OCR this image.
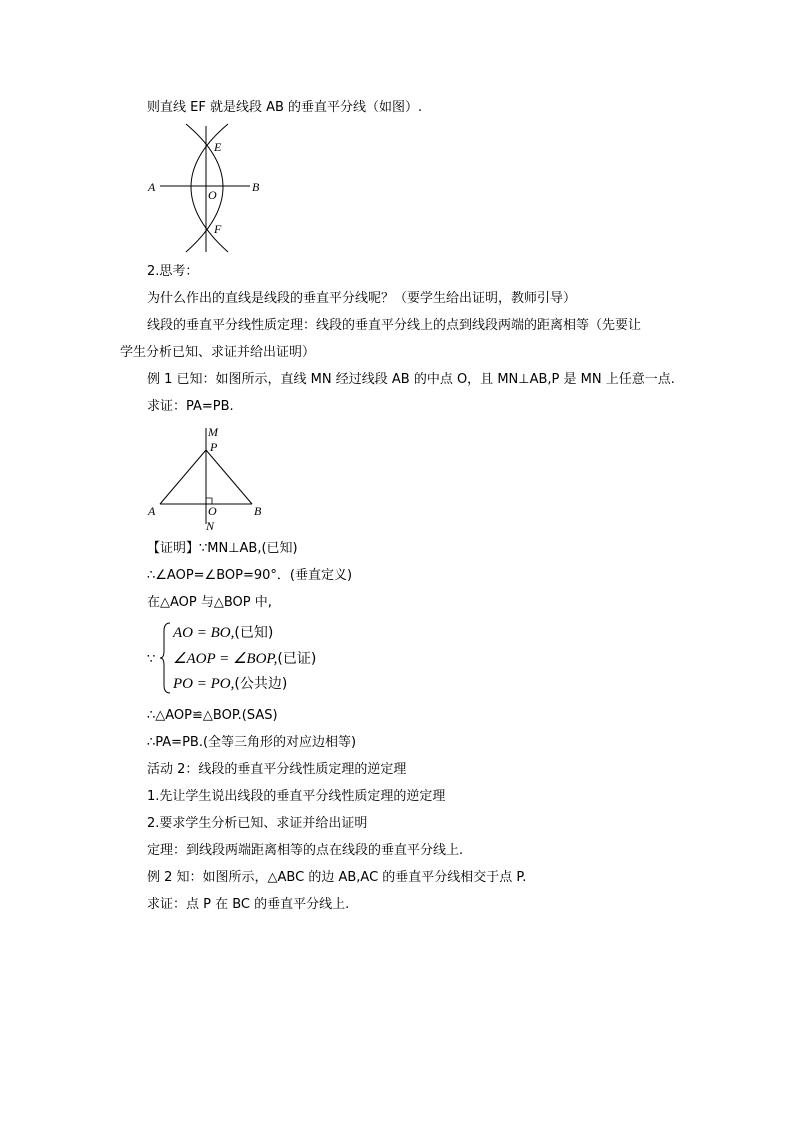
则直线 EF 就是线段 AB 的垂直平分线（如图）.
A	B
O
E
F
2.思考：
为什么作出的直线是线段的垂直平分线呢？（要学生给出证明，教师引导）
线段的垂直平分线性质定理：线段的垂直平分线上的点到线段两端的距离相等（先要让
学生分析已知、求证并给出证明）
例 1 已知：如图所示，直线 MN 经过线段 AB 的中点 O，且 MN⊥AB,P 是 MN 上任意一点.
求证：PA=PB.
M
P
A	O	B
N
【证明】∵MN⊥AB,(已知)
∴∠AOP=∠BOP=90°．(垂直定义)
在△AOP 与△BOP 中,
∵
AO = BO,(已知)
∠AOP = ∠BOP,(已证)
PO = PO,(公共边)
∴△AOP≌△BOP.(SAS)
∴PA=PB.(全等三角形的对应边相等)
活动 2：线段的垂直平分线性质定理的逆定理
1.先让学生说出线段的垂直平分线性质定理的逆定理
2.要求学生分析已知、求证并给出证明
定理：到线段两端距离相等的点在线段的垂直平分线上.
例 2 知：如图所示，△ABC 的边 AB,AC 的垂直平分线相交于点 P.
求证：点 P 在 BC 的垂直平分线上.
